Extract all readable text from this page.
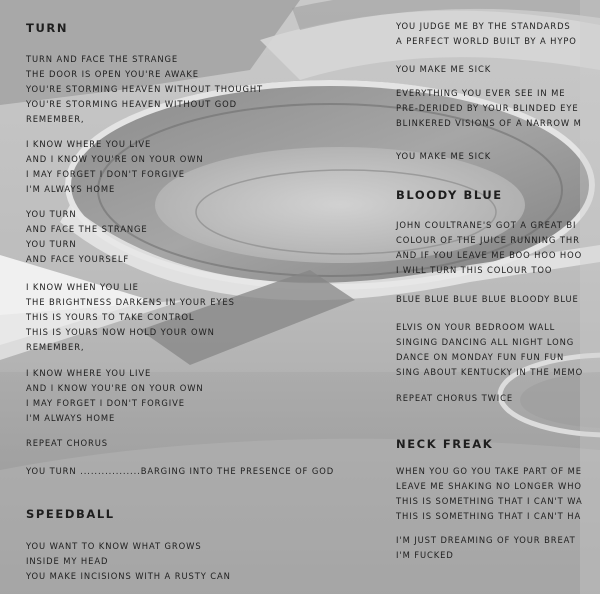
TURN
TURN AND FACE THE STRANGE
THE DOOR IS OPEN YOU'RE AWAKE
YOU'RE STORMING HEAVEN WITHOUT THOUGHT
YOU'RE STORMING HEAVEN WITHOUT GOD
REMEMBER,
I KNOW WHERE YOU LIVE
AND I KNOW YOU'RE ON YOUR OWN
I MAY FORGET I DON'T FORGIVE
I'M ALWAYS HOME
YOU TURN
AND FACE THE STRANGE
YOU TURN
AND FACE YOURSELF
I KNOW WHEN YOU LIE
THE BRIGHTNESS DARKENS IN YOUR EYES
THIS IS YOURS TO TAKE CONTROL
THIS IS YOURS NOW HOLD YOUR OWN
REMEMBER,
I KNOW WHERE YOU LIVE
AND I KNOW YOU'RE ON YOUR OWN
I MAY FORGET I DON'T FORGIVE
I'M ALWAYS HOME
REPEAT CHORUS
YOU TURN .................BARGING INTO THE PRESENCE OF GOD
SPEEDBALL
YOU WANT TO KNOW WHAT GROWS
INSIDE MY HEAD
YOU MAKE INCISIONS WITH A RUSTY CAN
YOU JUDGE ME BY THE STANDARDS
A PERFECT WORLD BUILT BY A HYPO
YOU MAKE ME SICK
EVERYTHING YOU EVER SEE IN ME
PRE-DERIDED BY YOUR BLINDED EYE
BLINKERED VISIONS OF A NARROW M
YOU MAKE ME SICK
BLOODY BLUE
JOHN COULTRANE'S GOT A GREAT BI
COLOUR OF THE JUICE RUNNING THR
AND IF YOU LEAVE ME BOO HOO HOO
I WILL TURN THIS COLOUR TOO
BLUE BLUE BLUE BLUE BLOODY BLUE
ELVIS ON YOUR BEDROOM WALL
SINGING DANCING ALL NIGHT LONG
DANCE ON MONDAY FUN FUN FUN
SING ABOUT KENTUCKY IN THE MEMO
REPEAT CHORUS TWICE
NECK FREAK
WHEN YOU GO YOU TAKE PART OF ME
LEAVE ME SHAKING NO LONGER WHO
THIS IS SOMETHING THAT I CAN'T WA
THIS IS SOMETHING THAT I CAN'T HA
I'M JUST DREAMING OF YOUR BREAT
I'M FUCKED
